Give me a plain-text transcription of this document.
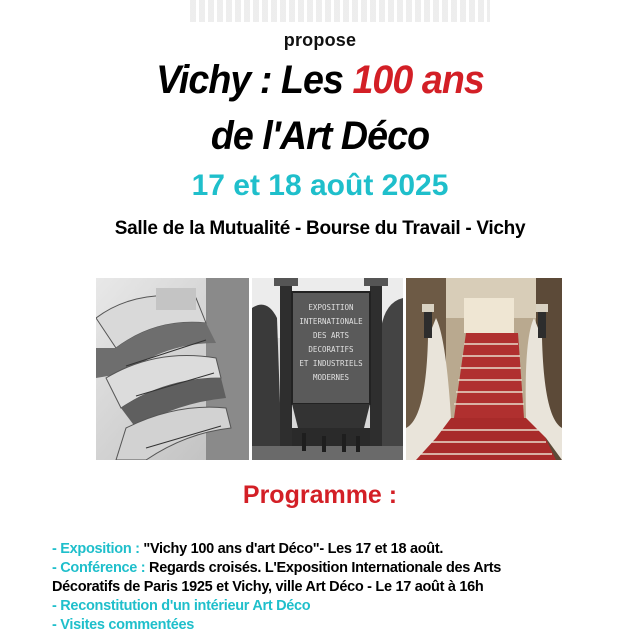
propose
Vichy : Les 100 ans
de l'Art Déco
17 et 18 août 2025
Salle de la Mutualité - Bourse du Travail - Vichy
EXPOSITION
INTERNATIONALE
DES ARTS
DECORATIFS
ET INDUSTRIELS
MODERNES
Programme :
- Exposition : "Vichy 100 ans d'art Déco"- Les 17 et 18 août.
- Conférence : Regards croisés. L'Exposition Internationale des Arts
Décoratifs de Paris 1925 et Vichy, ville Art Déco - Le 17 août à 16h
- Reconstitution d'un intérieur Art Déco
- Visites commentées
